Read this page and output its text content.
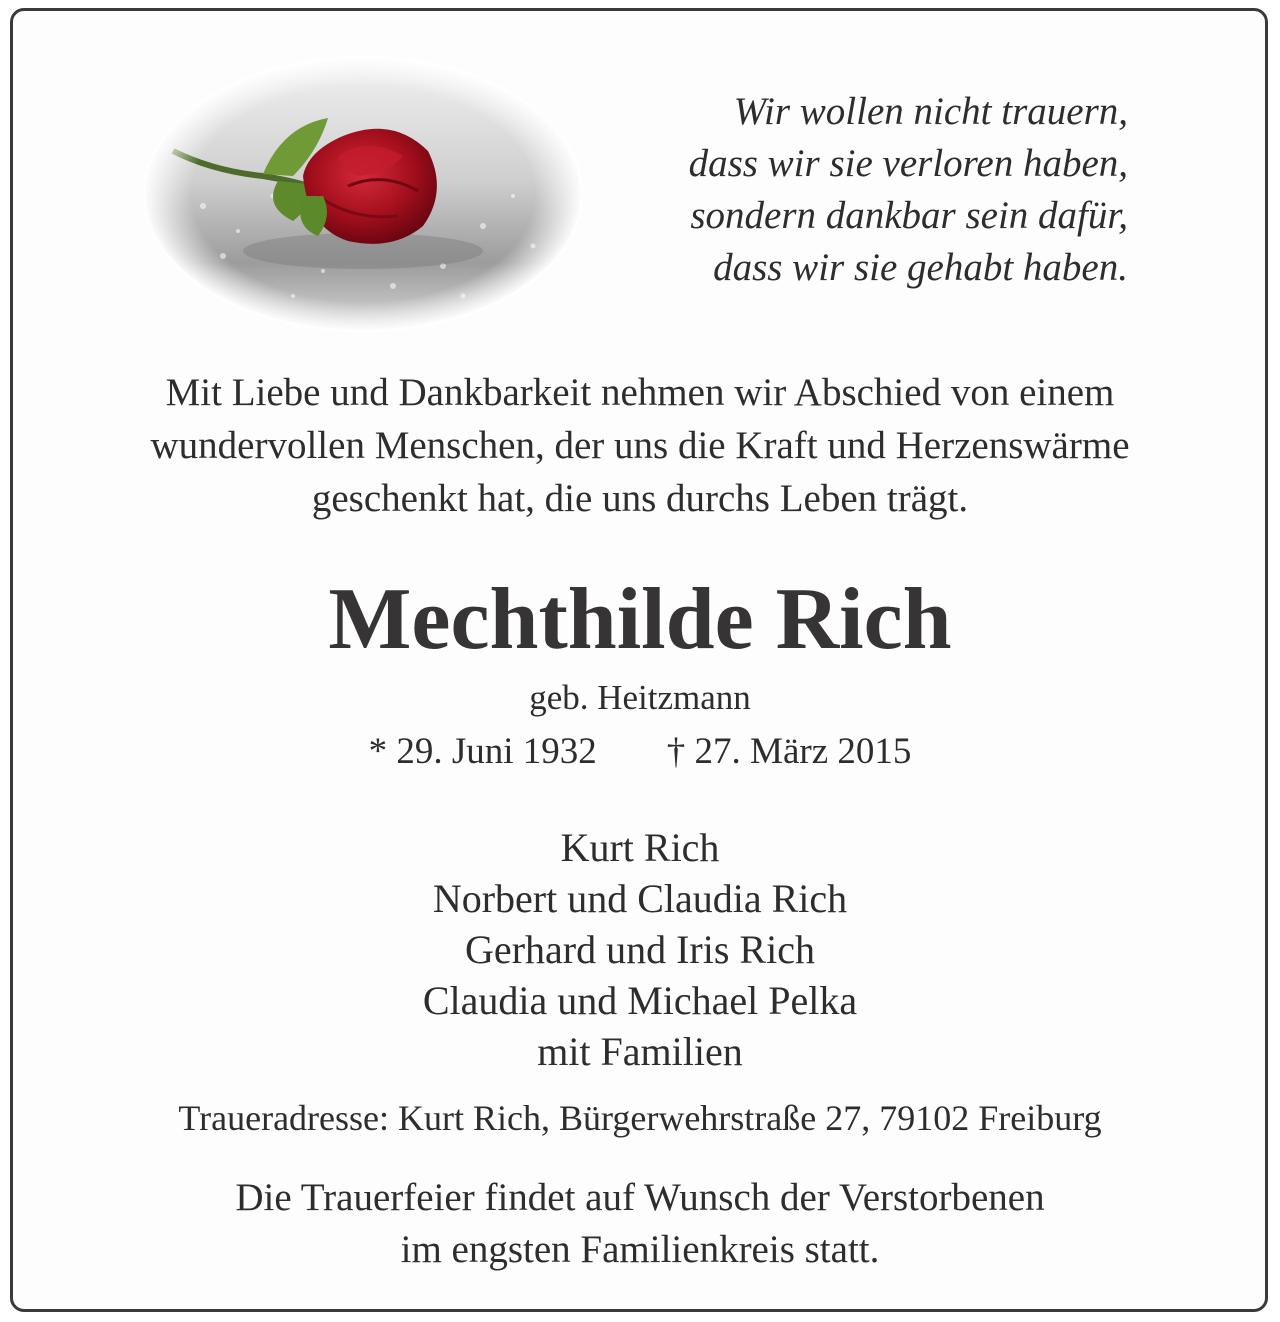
Wir wollen nicht trauern,
dass wir sie verloren haben,
sondern dankbar sein dafür,
dass wir sie gehabt haben.
Mit Liebe und Dankbarkeit nehmen wir Abschied von einem
wundervollen Menschen, der uns die Kraft und Herzenswärme
geschenkt hat, die uns durchs Leben trägt.
Mechthilde Rich
geb. Heitzmann
* 29. Juni 1932 † 27. März 2015
Kurt Rich
Norbert und Claudia Rich
Gerhard und Iris Rich
Claudia und Michael Pelka
mit Familien
Traueradresse: Kurt Rich, Bürgerwehrstraße 27, 79102 Freiburg
Die Trauerfeier findet auf Wunsch der Verstorbenen
im engsten Familienkreis statt.
